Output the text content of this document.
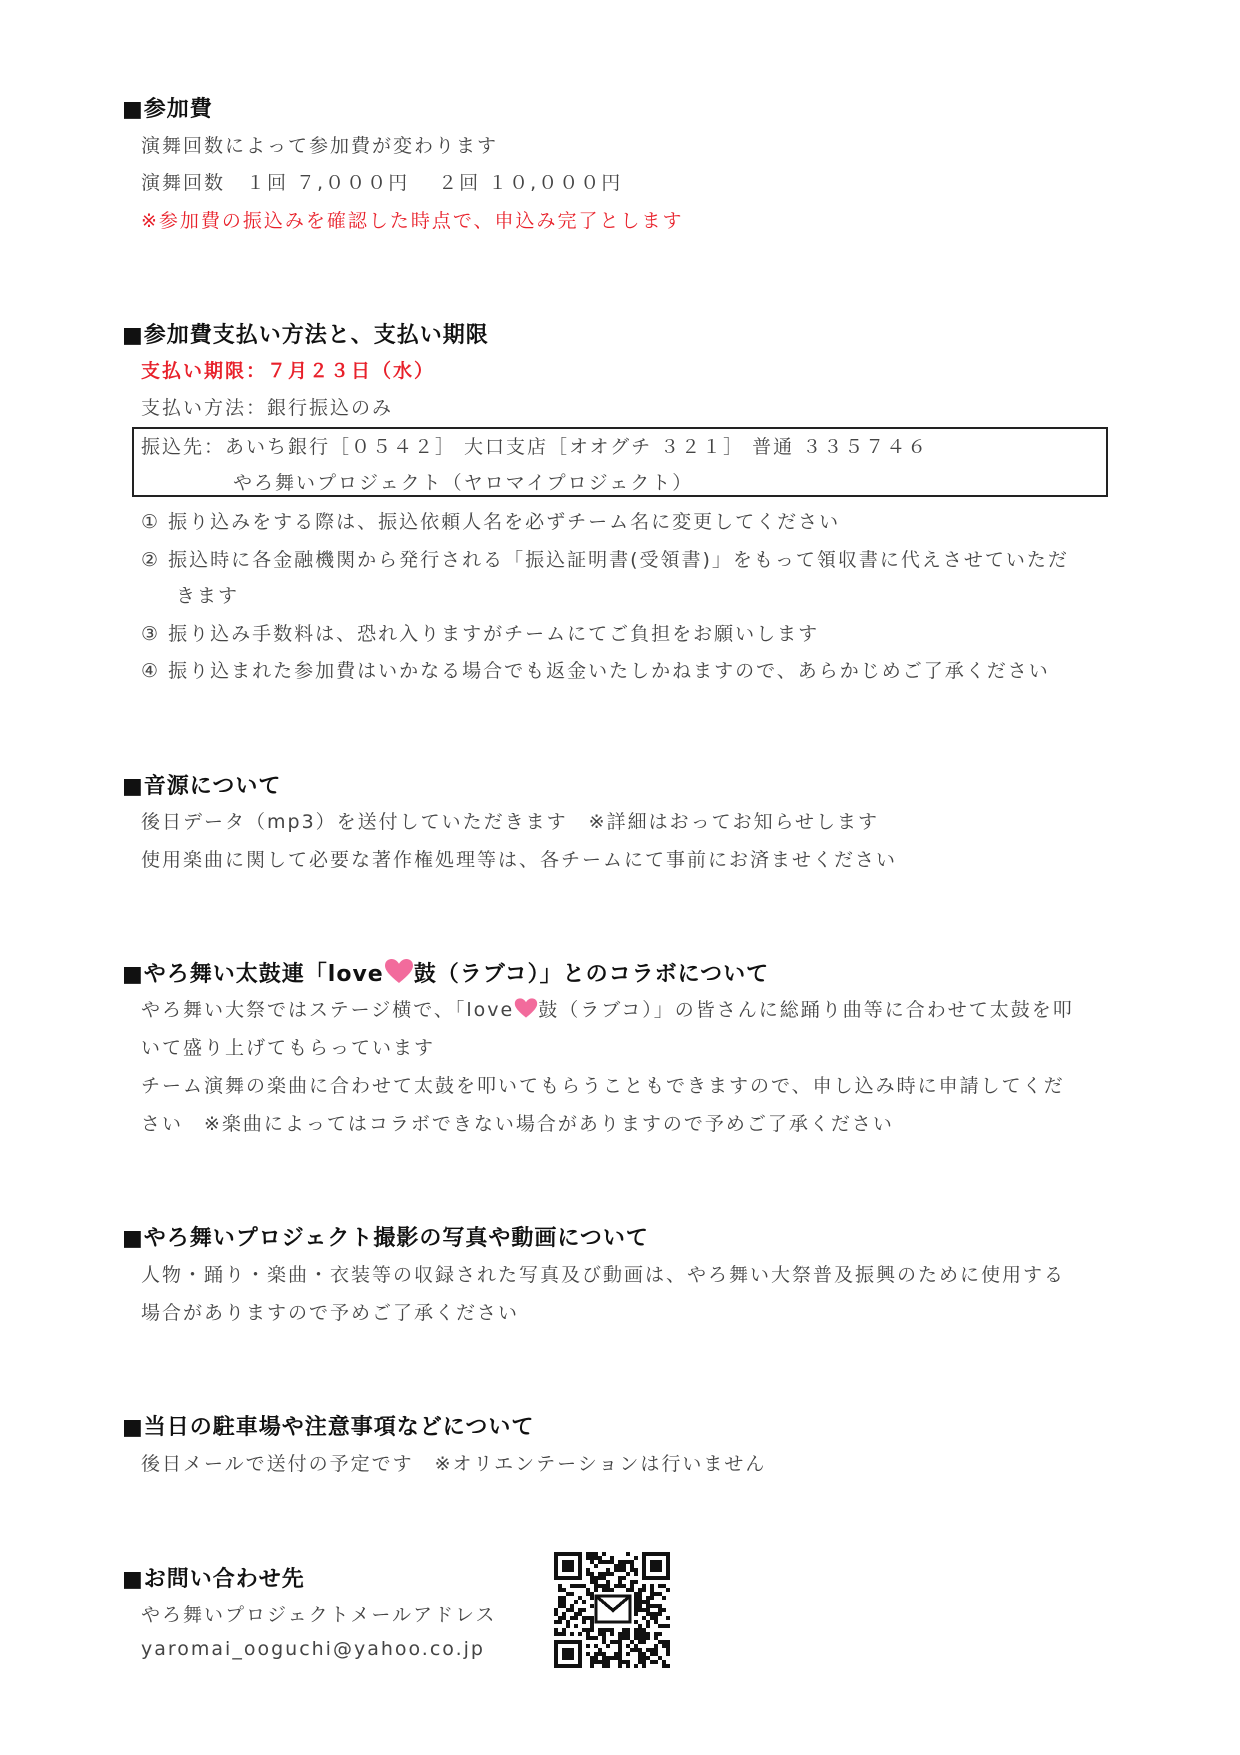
■参加費
演舞回数によって参加費が変わります
演舞回数　１回 ７,０００円　 ２回 １０,０００円
※参加費の振込みを確認した時点で、申込み完了とします
■参加費支払い方法と、支払い期限
支払い期限：７月２３日（水）
支払い方法：銀行振込のみ
振込先：あいち銀行［０５４２］ 大口支店［オオグチ ３２１］ 普通 ３３５７４６
やろ舞いプロジェクト（ヤロマイプロジェクト）
① 振り込みをする際は、振込依頼人名を必ずチーム名に変更してください
② 振込時に各金融機関から発行される「振込証明書(受領書)」をもって領収書に代えさせていただ
きます
③ 振り込み手数料は、恐れ入りますがチームにてご負担をお願いします
④ 振り込まれた参加費はいかなる場合でも返金いたしかねますので、あらかじめご了承ください
■音源について
後日データ（mp3）を送付していただきます　※詳細はおってお知らせします
使用楽曲に関して必要な著作権処理等は、各チームにて事前にお済ませください
■やろ舞い太鼓連「love 鼓（ラブコ）」とのコラボについて
やろ舞い大祭ではステージ横で、「love 鼓（ラブコ）」の皆さんに総踊り曲等に合わせて太鼓を叩
いて盛り上げてもらっています
チーム演舞の楽曲に合わせて太鼓を叩いてもらうこともできますので、申し込み時に申請してくだ
さい　※楽曲によってはコラボできない場合がありますので予めご了承ください
■やろ舞いプロジェクト撮影の写真や動画について
人物・踊り・楽曲・衣装等の収録された写真及び動画は、やろ舞い大祭普及振興のために使用する
場合がありますので予めご了承ください
■当日の駐車場や注意事項などについて
後日メールで送付の予定です　※オリエンテーションは行いません
■お問い合わせ先
やろ舞いプロジェクトメールアドレス
yaromai_ooguchi@yahoo.co.jp
